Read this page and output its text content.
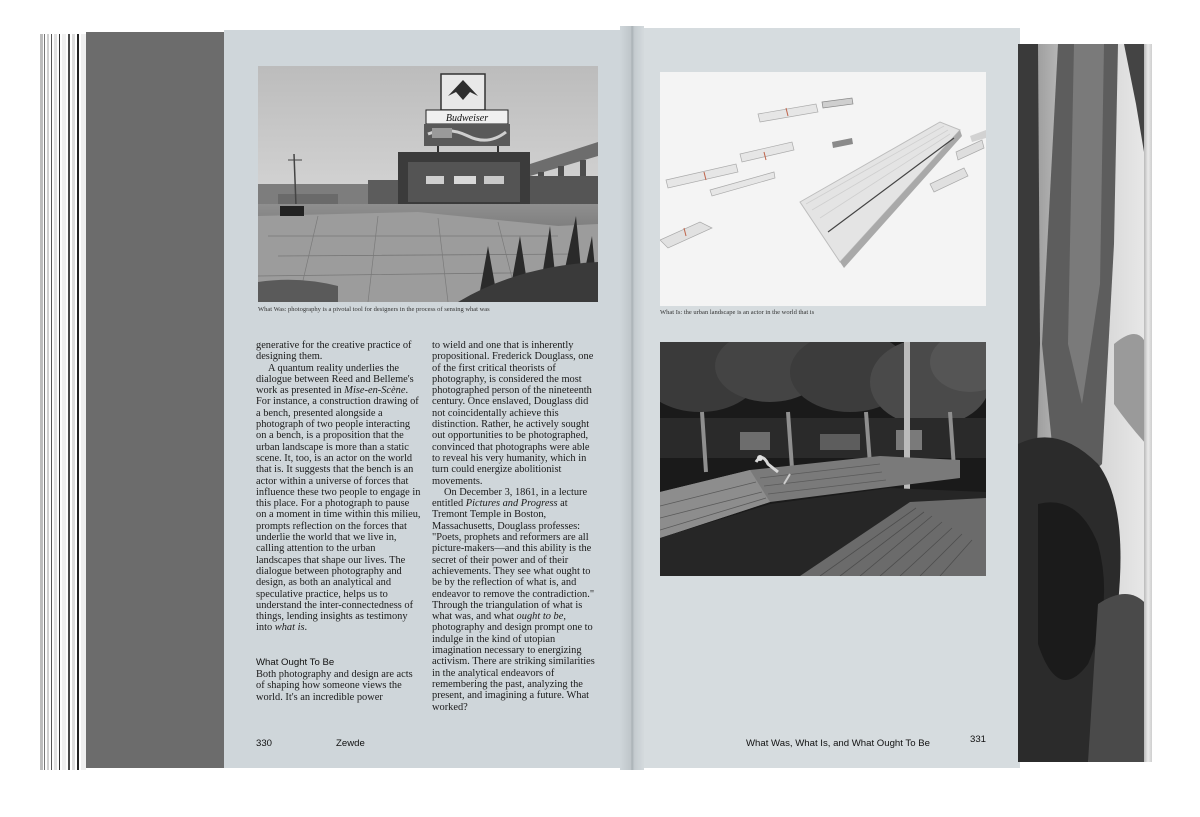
Budweiser
What Was: photography is a pivotal tool for designers in the process of sensing what was

generative for the creative practice of designing them.

A quantum reality underlies the dialogue between Reed and Belleme's work as presented in Mise-en-Scène. For instance, a construction drawing of a bench, presented alongside a photograph of two people interacting on a bench, is a proposition that the urban landscape is more than a static scene. It, too, is an actor on the world that is. It suggests that the bench is an actor within a universe of forces that influence these two people to engage in this place. For a photograph to pause on a moment in time within this milieu, prompts reflection on the forces that underlie the world that we live in, calling attention to the urban landscapes that shape our lives. The dialogue between photography and design, as both an analytical and speculative practice, helps us to understand the inter-connectedness of things, lending insights as testimony into what is.

What Ought To Be

Both photography and design are acts of shaping how someone views the world. It's an incredible power

to wield and one that is inherently propositional. Frederick Douglass, one of the first critical theorists of photography, is considered the most photographed person of the nineteenth century. Once enslaved, Douglass did not coincidentally achieve this distinction. Rather, he actively sought out opportunities to be photographed, convinced that photographs were able to reveal his very humanity, which in turn could energize abolitionist movements.

On December 3, 1861, in a lecture entitled Pictures and Progress at Tremont Temple in Boston, Massachusetts, Douglass professes: "Poets, prophets and reformers are all picture-makers—and this ability is the secret of their power and of their achievements. They see what ought to be by the reflection of what is, and endeavor to remove the contradiction." Through the triangulation of what is what was, and what ought to be, photography and design prompt one to indulge in the kind of utopian imagination necessary to energizing activism. There are striking similarities in the analytical endeavors of remembering the past, analyzing the present, and imagining a future. What worked?

330	Zewde
What Is: the urban landscape is an actor in the world that is
What Was, What Is, and What Ought To Be	331
